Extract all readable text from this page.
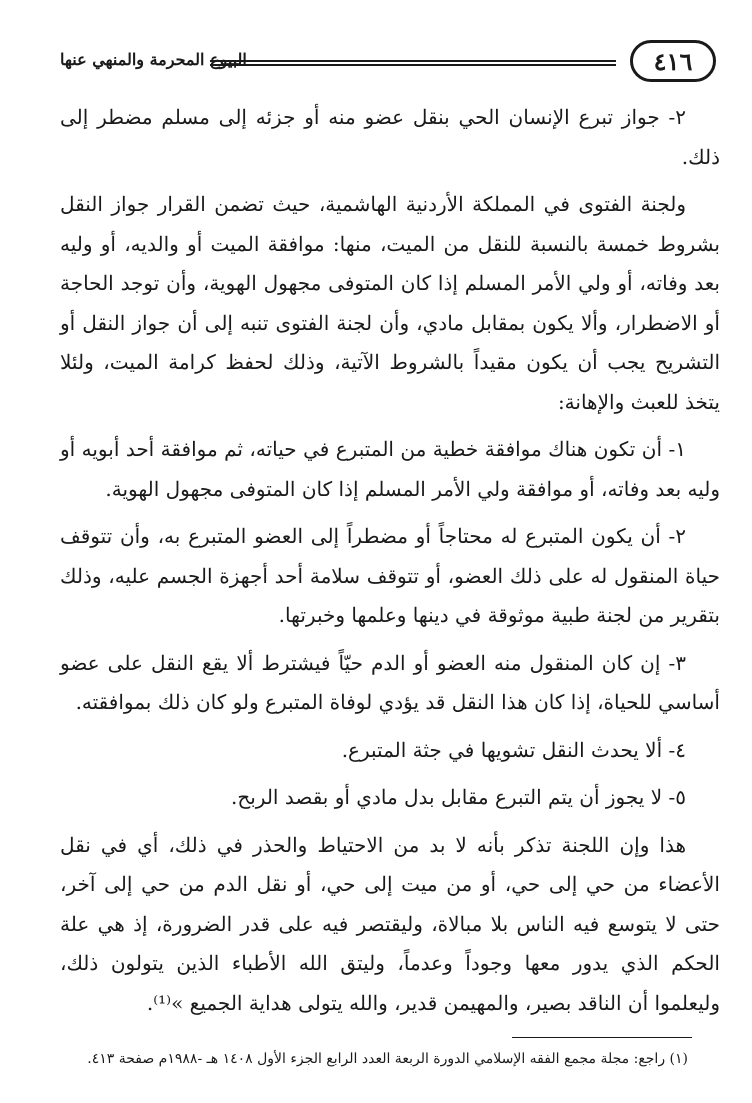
٤١٦
البيوع المحرمة والمنهي عنها

٢- جواز تبرع الإنسان الحي بنقل عضو منه أو جزئه إلى مسلم مضطر إلى ذلك.

ولجنة الفتوى في المملكة الأردنية الهاشمية، حيث تضمن القرار جواز النقل بشروط خمسة بالنسبة للنقل من الميت، منها: موافقة الميت أو والديه، أو وليه بعد وفاته، أو ولي الأمر المسلم إذا كان المتوفى مجهول الهوية، وأن توجد الحاجة أو الاضطرار، وألا يكون بمقابل مادي، وأن لجنة الفتوى تنبه إلى أن جواز النقل أو التشريح يجب أن يكون مقيداً بالشروط الآتية، وذلك لحفظ كرامة الميت، ولئلا يتخذ للعبث والإهانة:

١- أن تكون هناك موافقة خطية من المتبرع في حياته، ثم موافقة أحد أبويه أو وليه بعد وفاته، أو موافقة ولي الأمر المسلم إذا كان المتوفى مجهول الهوية.

٢- أن يكون المتبرع له محتاجاً أو مضطراً إلى العضو المتبرع به، وأن تتوقف حياة المنقول له على ذلك العضو، أو تتوقف سلامة أحد أجهزة الجسم عليه، وذلك بتقرير من لجنة طبية موثوقة في دينها وعلمها وخبرتها.

٣- إن كان المنقول منه العضو أو الدم حيّاً فيشترط ألا يقع النقل على عضو أساسي للحياة، إذا كان هذا النقل قد يؤدي لوفاة المتبرع ولو كان ذلك بموافقته.

٤- ألا يحدث النقل تشويها في جثة المتبرع.

٥- لا يجوز أن يتم التبرع مقابل بدل مادي أو بقصد الربح.

هذا وإن اللجنة تذكر بأنه لا بد من الاحتياط والحذر في ذلك، أي في نقل الأعضاء من حي إلى حي، أو من ميت إلى حي، أو نقل الدم من حي إلى آخر، حتى لا يتوسع فيه الناس بلا مبالاة، وليقتصر فيه على قدر الضرورة، إذ هي علة الحكم الذي يدور معها وجوداً وعدماً، وليتق الله الأطباء الذين يتولون ذلك، وليعلموا أن الناقد بصير، والمهيمن قدير، والله يتولى هداية الجميع »⁽¹⁾.

(١) راجع: مجلة مجمع الفقه الإسلامي الدورة الربعة العدد الرابع الجزء الأول ١٤٠٨ هـ -١٩٨٨م صفحة ٤١٣.
